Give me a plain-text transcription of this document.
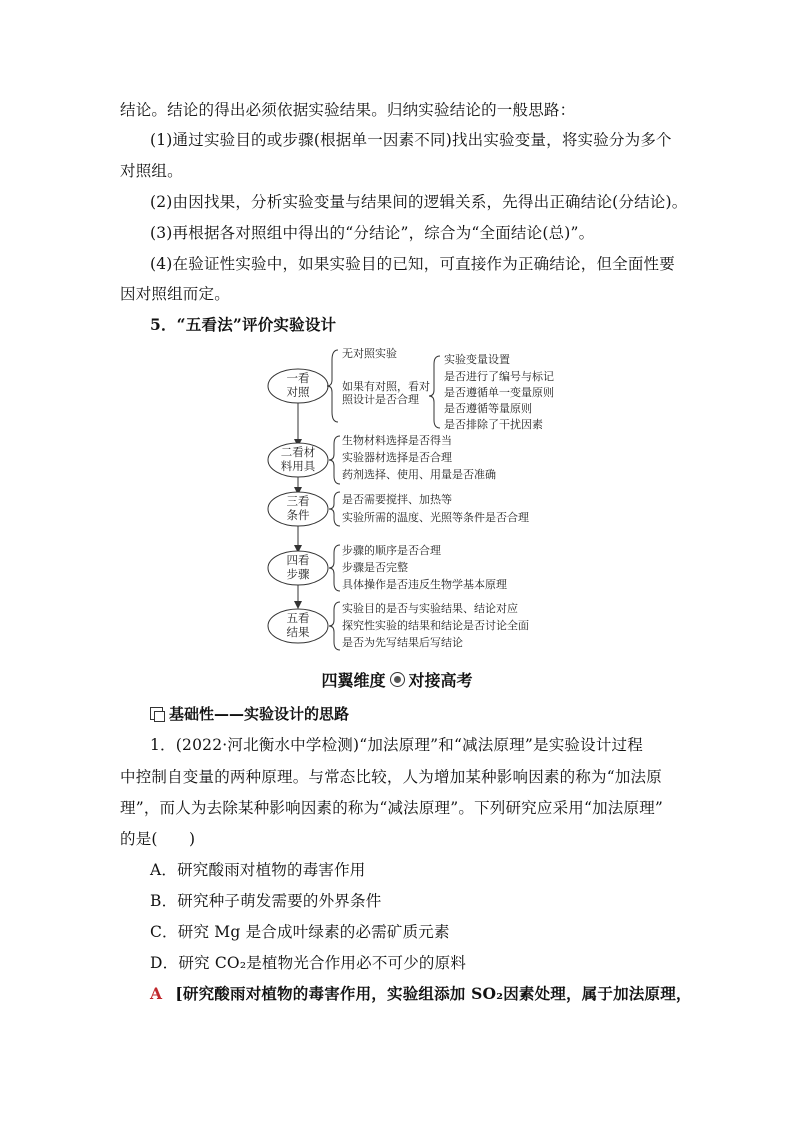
结论。结论的得出必须依据实验结果。归纳实验结论的一般思路：
(1)通过实验目的或步骤(根据单一因素不同)找出实验变量，将实验分为多个
对照组。
(2)由因找果，分析实验变量与结果间的逻辑关系，先得出正确结论(分结论)。
(3)再根据各对照组中得出的“分结论”，综合为“全面结论(总)”。
(4)在验证性实验中，如果实验目的已知，可直接作为正确结论，但全面性要
因对照组而定。
5．“五看法”评价实验设计
一看
对照
无对照实验
如果有对照，看对
照设计是否合理
实验变量设置
是否进行了编号与标记
是否遵循单一变量原则
是否遵循等量原则
是否排除了干扰因素
二看材
料用具
生物材料选择是否得当
实验器材选择是否合理
药剂选择、使用、用量是否准确
三看
条件
是否需要搅拌、加热等
实验所需的温度、光照等条件是否合理
四看
步骤
步骤的顺序是否合理
步骤是否完整
具体操作是否违反生物学基本原理
五看
结果
实验目的是否与实验结果、结论对应
探究性实验的结果和结论是否讨论全面
是否为先写结果后写结论
四翼维度 对接高考
基础性——实验设计的思路
1．(2022·河北衡水中学检测)“加法原理”和“减法原理”是实验设计过程
中控制自变量的两种原理。与常态比较，人为增加某种影响因素的称为“加法原
理”，而人为去除某种影响因素的称为“减法原理”。下列研究应采用“加法原理”
的是(　　)
A．研究酸雨对植物的毒害作用
B．研究种子萌发需要的外界条件
C．研究 Mg 是合成叶绿素的必需矿质元素
D．研究 CO₂是植物光合作用必不可少的原料
A [研究酸雨对植物的毒害作用，实验组添加 SO₂因素处理，属于加法原理，
